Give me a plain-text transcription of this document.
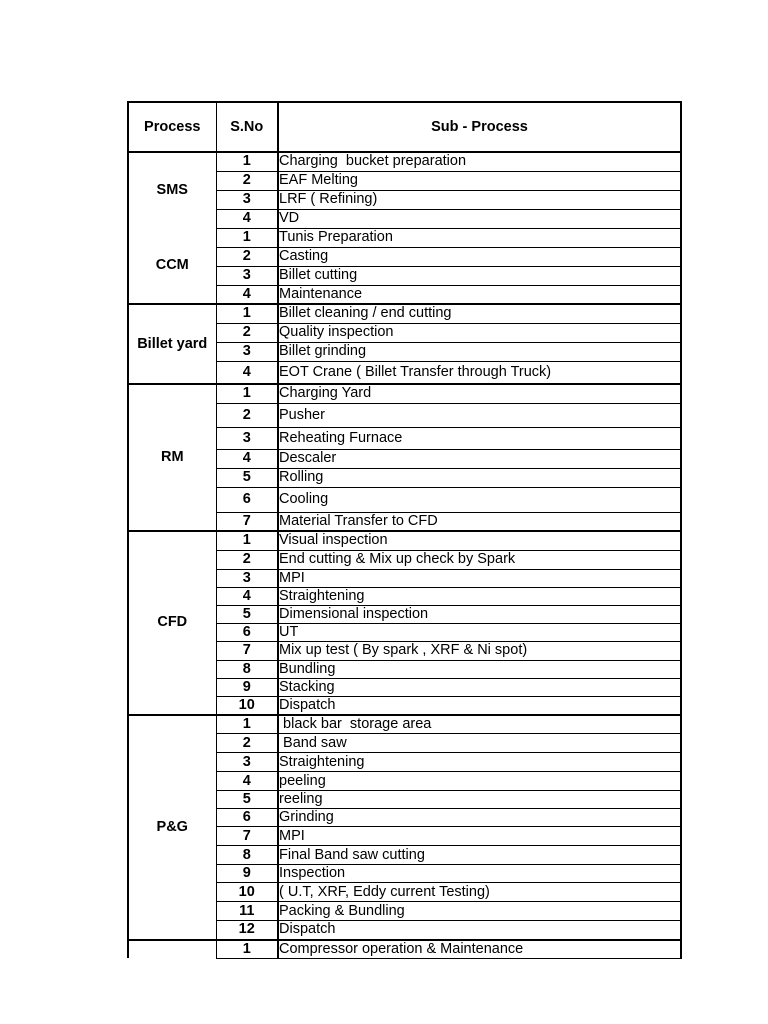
Process	S.No	Sub - Process
SMS	1	Charging  bucket preparation
	2	EAF Melting
	3	LRF ( Refining)
	4	VD
CCM	1	Tunis Preparation
	2	Casting
	3	Billet cutting
	4	Maintenance
Billet yard	1	Billet cleaning / end cutting
	2	Quality inspection
	3	Billet grinding
	4	EOT Crane ( Billet Transfer through Truck)
RM	1	Charging Yard
	2	Pusher
	3	Reheating Furnace
	4	Descaler
	5	Rolling
	6	Cooling
	7	Material Transfer to CFD
CFD	1	Visual inspection
	2	End cutting & Mix up check by Spark
	3	MPI
	4	Straightening
	5	Dimensional inspection
	6	UT
	7	Mix up test ( By spark , XRF & Ni spot)
	8	Bundling
	9	Stacking
	10	Dispatch
P&G	1	black bar  storage area
	2	Band saw
	3	Straightening
	4	peeling
	5	reeling
	6	Grinding
	7	MPI
	8	Final Band saw cutting
	9	Inspection
	10	( U.T, XRF, Eddy current Testing)
	11	Packing & Bundling
	12	Dispatch
	1	Compressor operation & Maintenance
